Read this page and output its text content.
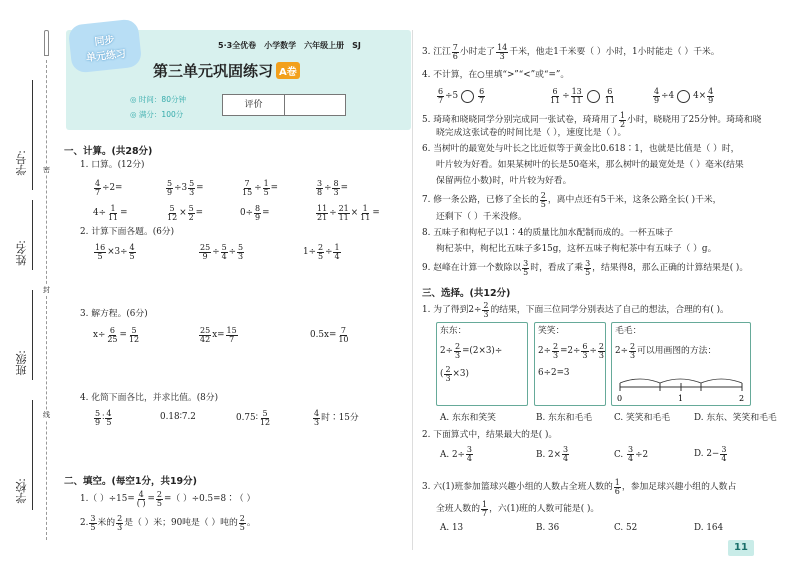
学号:
姓名:
班级:
学校:
密
封
线
同步
单元练习
5·3全优卷 小学数学 六年级上册 SJ
第三单元巩固练习 A卷
◎ 时间：80分钟
◎ 满分：100分
评价
一、计算。(共28分)
1. 口算。(12分)
$\frac{4}{7} \div 2=$	$\frac{5}{9} \div 3 \frac{5}{3}$ =	$\frac{7}{15} \div \frac{1}{5}$ =	$\frac{3}{8} \div \frac{8}{3}$ =
$4\div \frac{1}{11}$ =	$\frac{5}{12} \times \frac{5}{2}$ =	$0\div \frac{8}{9}$ =	$\frac{11}{21} \div \frac{21}{11} \times \frac{1}{11}$ =
2. 计算下面各题。(6分)
$\frac{16}{5} \times 3\div \frac{4}{5}$	$\frac{25}{9} \div \frac{5}{4} \div \frac{5}{3}$	$1\div \frac{2}{5} \div \frac{1}{4}$
3. 解方程。(6分)
$x\div \frac{6}{25} = \frac{5}{12}$	$\frac{25}{42} x= \frac{15}{7}$	$0.5x= \frac{7}{10}$
4. 化简下面各比，并求比值。(8分)
$\frac{5}{9}$ ∶ $\frac{4}{5}$	0.18∶7.2	0.75∶ $\frac{5}{12}$	$\frac{4}{3}$ 时∶15分
二、填空。(每空1分，共19分)
1.（ ）$\div 15= \frac{4}{( )} = \frac{2}{5}$ =（ ）÷0.5=8∶（ ）
2. $\frac{3}{5}$ 米的 $\frac{2}{3}$ 是（ ）米；90吨是（ ）吨的 $\frac{2}{5}$ 。
3. 江江 $\frac{7}{6}$ 小时走了 $\frac{14}{3}$ 千米，他走1千米要（ ）小时，1小时能走（ ）千米。
4. 不计算，在○里填“>”“<”或“=”。
$\frac{6}{7} \div 5$	$\frac{6}{7}$	$\frac{6}{11} \div \frac{13}{11}$	$\frac{6}{11}$	$\frac{4}{9} \div 4$ $4 \times \frac{4}{9}$
5. 琦琦和晓晓同学分别完成同一张试卷，琦琦用了 $\frac{1}{2}$ 小时，晓晓用了25分钟。琦琦和晓
晓完成这张试卷的时间比是（ ），速度比是（ ）。
6. 当树叶的最宽处与叶长之比近似等于黄金比0.618∶1，也就是比值是（ ）时，
叶片较为好看。如果某树叶的长是50毫米，那么树叶的最宽处是（ ）毫米(结果
保留两位小数)时，叶片较为好看。
7. 修一条公路，已修了全长的 $\frac{2}{5}$ ，离中点还有5千米，这条公路全长( )千米，
还剩下（ ）千米没修。
8. 五味子和枸杞子以1∶4的质量比加水配制而成的。一杯五味子
枸杞茶中，枸杞比五味子多15g，这杯五味子枸杞茶中有五味子（ ）g。
9. 赵峰在计算一个数除以 $\frac{3}{5}$ 时，看成了乘 $\frac{3}{5}$ ，结果得8，那么正确的计算结果是( )。
三、选择。(共12分)
1. 为了得到$2\div \frac{2}{3}$ 的结果，下面三位同学分别表达了自己的想法，合理的有( )。
东东：
$2\div \frac{2}{3} =(2\times 3)\div$
( $\frac{2}{3} \times 3$)
笑笑：
$2\div \frac{2}{3} =2\div \frac{6}{3} \div \frac{2}{3}$
6÷2=3
毛毛：
$2\div \frac{2}{3}$ 可以用画图的方法：
0	1	2
A. 东东和笑笑	B. 东东和毛毛	C. 笑笑和毛毛	D. 东东、笑笑和毛毛
2. 下面算式中，结果最大的是( )。
A. $2\div \frac{3}{4}$	B. $2\times \frac{3}{4}$	C. $\frac{3}{4} \div 2$	D. $2- \frac{3}{4}$
3. 六(1)班参加篮球兴趣小组的人数占全班人数的 $\frac{1}{6}$ ，参加足球兴趣小组的人数占
全班人数的 $\frac{1}{7}$ ，六(1)班的人数可能是( )。
A. 13	B. 36	C. 52	D. 164
11
